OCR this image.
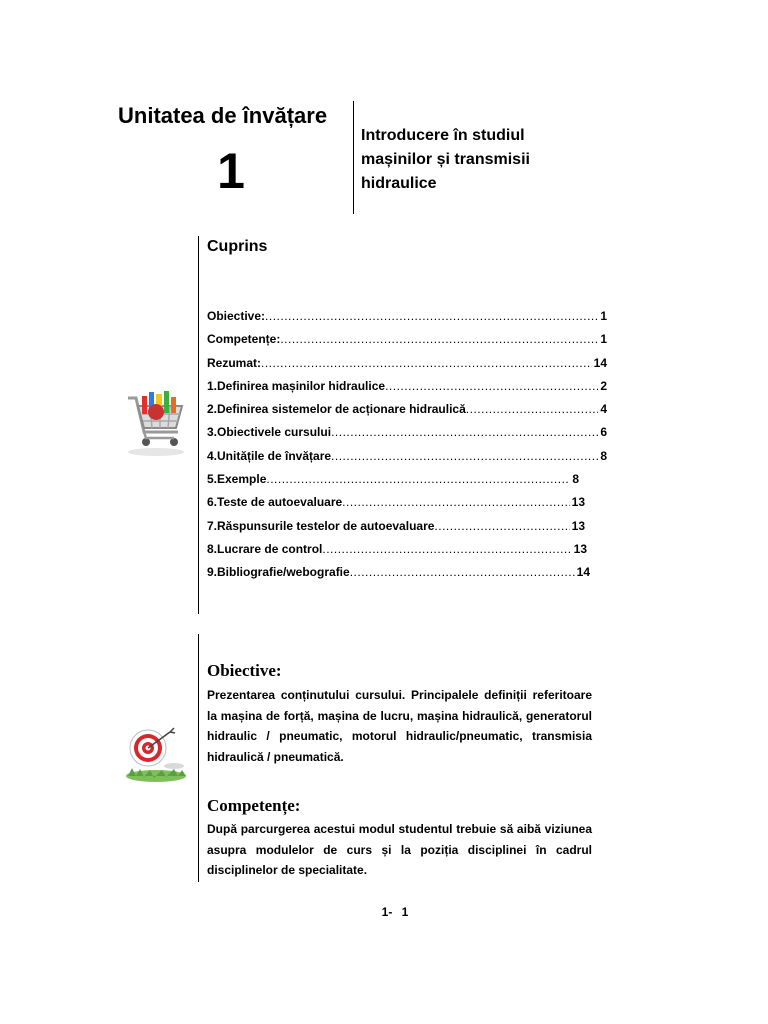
Unitatea de învățare
1
Introducere în studiul
mașinilor și transmisii
hidraulice
Cuprins
Obiective: .....	1
Competențe: .....	1
Rezumat: .....	14
1.Definirea mașinilor hidraulice .....	2
2.Definirea sistemelor de acționare hidraulică .....	4
3.Obiectivele cursului .....	6
4.Unitățile de învățare .....	8
5.Exemple .....	8
6.Teste de autoevaluare .....	13
7.Răspunsurile testelor de autoevaluare .....	13
8.Lucrare de control .....	13
9.Bibliografie/webografie .....	14
Obiective:
Prezentarea conținutului cursului. Principalele definiții referitoare la mașina de forță, mașina de lucru, mașina hidraulică, generatorul hidraulic / pneumatic, motorul hidraulic/pneumatic, transmisia hidraulică / pneumatică.
Competențe:
După parcurgerea acestui modul studentul trebuie să aibă viziunea asupra modulelor de curs și la poziția disciplinei în cadrul disciplinelor de specialitate.
1- 1
